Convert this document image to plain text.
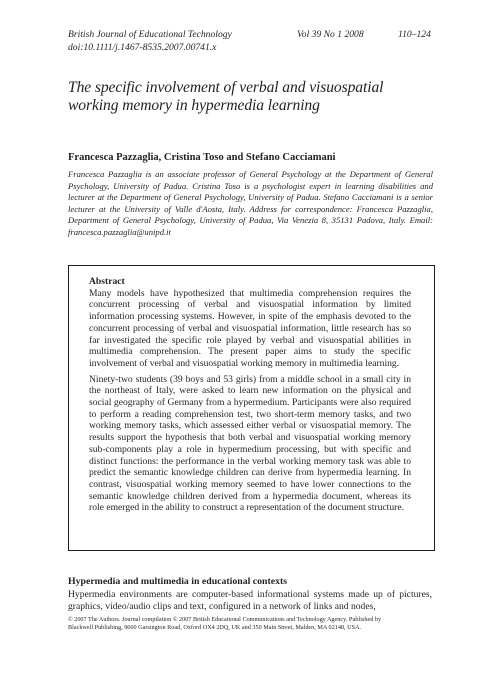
British Journal of Educational Technology
doi:10.1111/j.1467-8535.2007.00741.x
Vol 39 No 1 2008	110–124
The specific involvement of verbal and visuospatial
working memory in hypermedia learning
Francesca Pazzaglia, Cristina Toso and Stefano Cacciamani
Francesca Pazzaglia is an associate professor of General Psychology at the Department of General Psychology, University of Padua. Cristina Toso is a psychologist expert in learning disabilities and lecturer at the Department of General Psychology, University of Padua. Stefano Cacciamani is a senior lecturer at the University of Valle d'Aosta, Italy. Address for correspondence: Francesca Pazzaglia, Department of General Psychology, University of Padua, Via Venezia 8, 35131 Padova, Italy. Email: francesca.pazzaglia@unipd.it
Abstract

Many models have hypothesized that multimedia comprehension requires the concurrent processing of verbal and visuospatial information by limited information processing systems. However, in spite of the emphasis devoted to the concurrent processing of verbal and visuospatial information, little research has so far investigated the specific role played by verbal and visuospatial abilities in multimedia comprehension. The present paper aims to study the specific involvement of verbal and visuospatial working memory in multimedia learning.

Ninety-two students (39 boys and 53 girls) from a middle school in a small city in the northeast of Italy, were asked to learn new information on the physical and social geography of Germany from a hypermedium. Participants were also required to perform a reading comprehension test, two short-term memory tasks, and two working memory tasks, which assessed either verbal or visuospatial memory. The results support the hypothesis that both verbal and visuospatial working memory sub-components play a role in hypermedium processing, but with specific and distinct functions: the performance in the verbal working memory task was able to predict the semantic knowledge children can derive from hypermedia learning. In contrast, visuospatial working memory seemed to have lower connections to the semantic knowledge children derived from a hypermedia document, whereas its role emerged in the ability to construct a representation of the document structure.

Hypermedia and multimedia in educational contexts
Hypermedia environments are computer-based informational systems made up of pictures, graphics, video/audio clips and text, configured in a network of links and nodes,
© 2007 The Authors. Journal compilation © 2007 British Educational Communications and Technology Agency. Published by
Blackwell Publishing, 9600 Garsington Road, Oxford OX4 2DQ, UK and 350 Main Street, Malden, MA 02148, USA.
